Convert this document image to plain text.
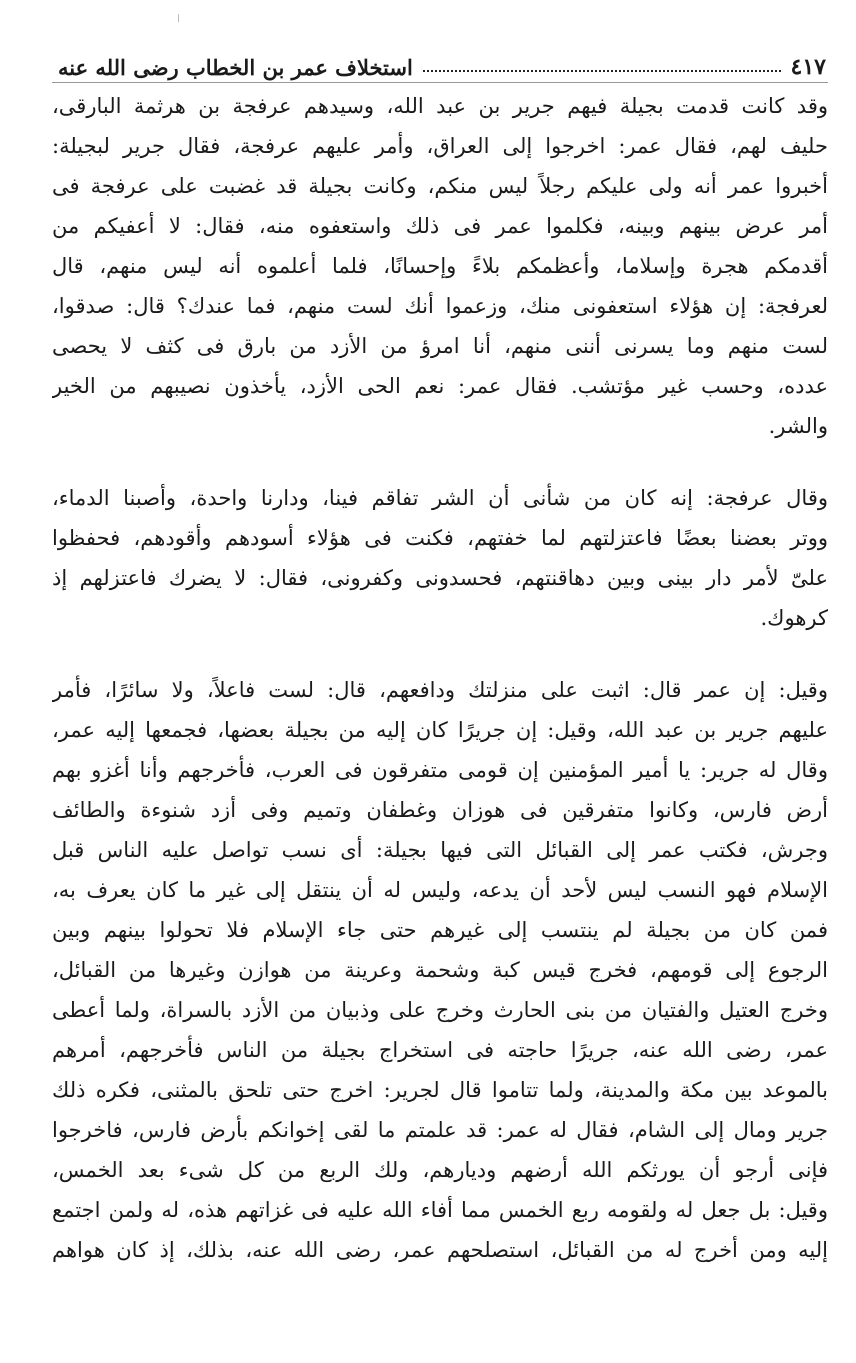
استخلاف عمر بن الخطاب رضى الله عنه	٤١٧
وقد كانت قدمت بجيلة فيهم جرير بن عبد الله، وسيدهم عرفجة بن هرثمة البارقى،
حليف لهم، فقال عمر: اخرجوا إلى العراق، وأمر عليهم عرفجة، فقال جرير لبجيلة:
أخبروا عمر أنه ولى عليكم رجلاً ليس منكم، وكانت بجيلة قد غضبت على عرفجة فى
أمر عرض بينهم وبينه، فكلموا عمر فى ذلك واستعفوه منه، فقال: لا أعفيكم من
أقدمكم هجرة وإسلاما، وأعظمكم بلاءً وإحسانًا، فلما أعلموه أنه ليس منهم، قال
لعرفجة: إن هؤلاء استعفونى منك، وزعموا أنك لست منهم، فما عندك؟ قال: صدقوا،
لست منهم وما يسرنى أننى منهم، أنا امرؤ من الأزد من بارق فى كثف لا يحصى
عدده، وحسب غير مؤتشب. فقال عمر: نعم الحى الأزد، يأخذون نصيبهم من الخير
والشر.
وقال عرفجة: إنه كان من شأنى أن الشر تفاقم فينا، ودارنا واحدة، وأصبنا الدماء،
ووتر بعضنا بعضًا فاعتزلتهم لما خفتهم، فكنت فى هؤلاء أسودهم وأقودهم، فحفظوا
علىّ لأمر دار بينى وبين دهاقنتهم، فحسدونى وكفرونى، فقال: لا يضرك فاعتزلهم إذ
كرهوك.
وقيل: إن عمر قال: اثبت على منزلتك ودافعهم، قال: لست فاعلاً، ولا سائرًا، فأمر
عليهم جرير بن عبد الله، وقيل: إن جريرًا كان إليه من بجيلة بعضها، فجمعها إليه عمر،
وقال له جرير: يا أمير المؤمنين إن قومى متفرقون فى العرب، فأخرجهم وأنا أغزو بهم
أرض فارس، وكانوا متفرقين فى هوزان وغطفان وتميم وفى أزد شنوءة والطائف
وجرش، فكتب عمر إلى القبائل التى فيها بجيلة: أى نسب تواصل عليه الناس قبل
الإسلام فهو النسب ليس لأحد أن يدعه، وليس له أن ينتقل إلى غير ما كان يعرف به،
فمن كان من بجيلة لم ينتسب إلى غيرهم حتى جاء الإسلام فلا تحولوا بينهم وبين
الرجوع إلى قومهم، فخرج قيس كبة وشحمة وعرينة من هوازن وغيرها من القبائل،
وخرج العتيل والفتيان من بنى الحارث وخرج على وذبيان من الأزد بالسراة، ولما أعطى
عمر، رضى الله عنه، جريرًا حاجته فى استخراج بجيلة من الناس فأخرجهم، أمرهم
بالموعد بين مكة والمدينة، ولما تتاموا قال لجرير: اخرج حتى تلحق بالمثنى، فكره ذلك
جرير ومال إلى الشام، فقال له عمر: قد علمتم ما لقى إخوانكم بأرض فارس، فاخرجوا
فإنى أرجو أن يورثكم الله أرضهم وديارهم، ولك الربع من كل شىء بعد الخمس،
وقيل: بل جعل له ولقومه ربع الخمس مما أفاء الله عليه فى غزاتهم هذه، له ولمن اجتمع
إليه ومن أخرج له من القبائل، استصلحهم عمر، رضى الله عنه، بذلك، إذ كان هواهم
